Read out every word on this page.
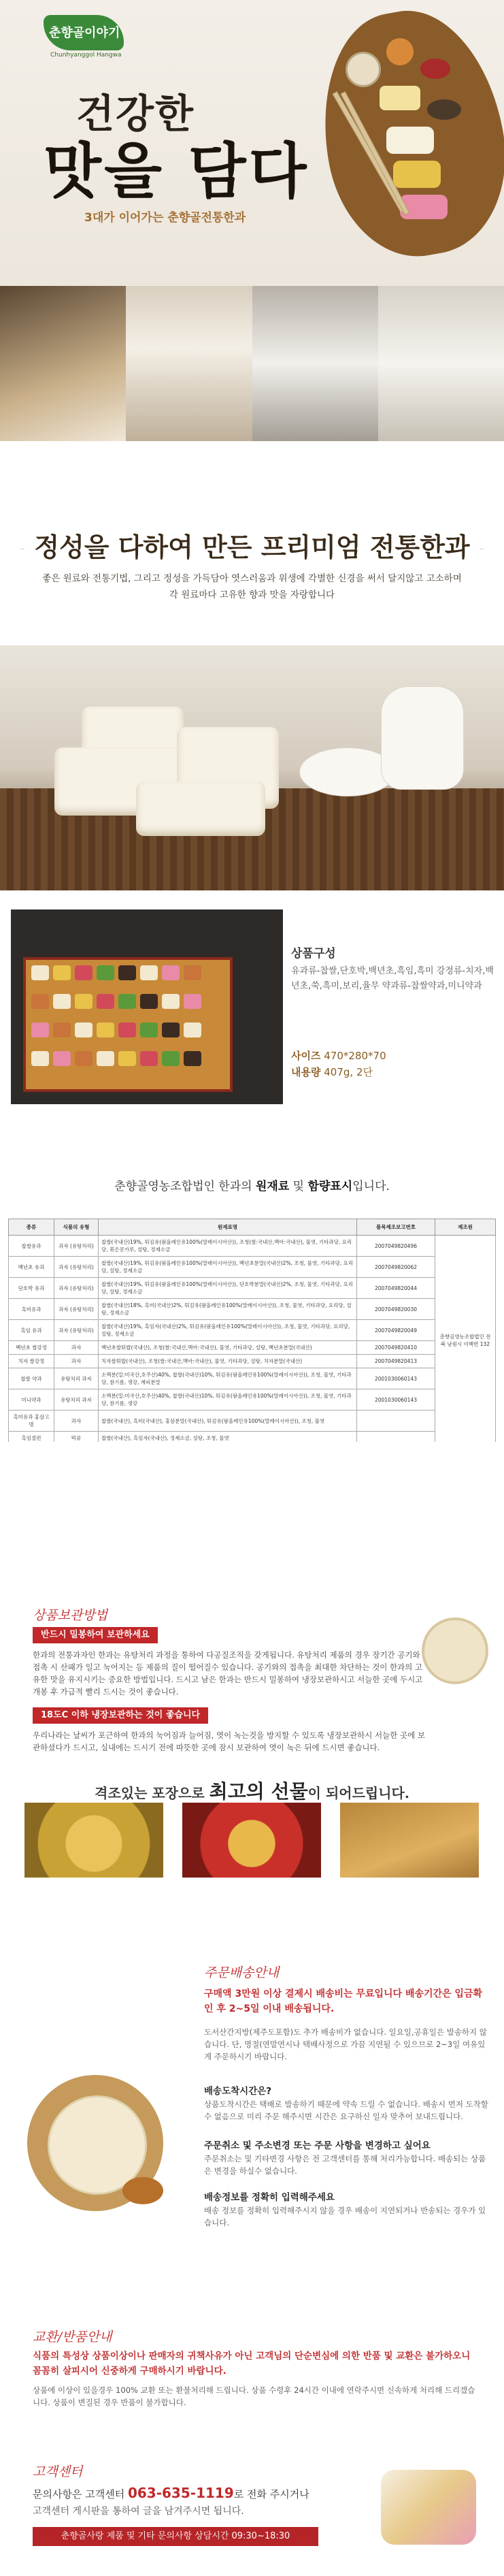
춘향골이야기
Chunhyanggol Hangwa
건강한
맛을 담다
3대가 이어가는 춘향골전통한과
정성을 다하여 만든 프리미엄 전통한과
좋은 원료와 전통기법, 그리고 정성을 가득담아 엿스러움과 위생에 각별한 신경을 써서 달지않고 고소하며 각 원료마다 고유한 향과 맛을 자랑합니다
상품구성
유과류-찹쌀,단호박,백년초,흑임,흑미 강정류-치자,백년초,쑥,흑미,보리,율무 약과류-찹쌀약과,미니약과
사이즈 470*280*70
내용량 407g, 2단
춘향골영농조합법인 한과의 원재료 및 함량표시입니다.
종류	식품의 유형	원재료명	품목제조보고번호	제조원
찹쌀유과	과자 (유탕처리)	찹쌀(국내산)19%, 튀김유(팜올레인유100%(말레이시아산)), 조청(쌀:국내산,맥아:국내산), 물엿, 기타과당, 요리당, 볶은콩가루, 설탕, 정제소금	2007049820496	춘향골영농조합법인 전북 남원시 이백면 132
백년초 유과	과자 (유탕처리)	찹쌀(국내산)19%, 튀김유(팜올레인유100%(말레이시아산)), 백년초분말(국내산)2%, 조청, 물엿, 기타과당, 요리당, 설탕, 정제소금	2007049820062	
단호박 유과	과자 (유탕처리)	찹쌀(국내산)19%, 튀김유(팜올레인유100%(말레이시아산)), 단호박분말(국내산)2%, 조청, 물엿, 기타과당, 요리당, 설탕, 정제소금	2007049820044	
흑미유과	과자 (유탕처리)	찹쌀(국내산)18%, 흑미(국내산)2%, 튀김유(팜올레인유100%(말레이시아산)), 조청, 물엿, 기타과당, 요리당, 설탕, 정제소금	2007049820030	
흑임 유과	과자 (유탕처리)	찹쌀(국내산)19%, 흑임자(국내산)2%, 튀김유(팜올레인유100%(말레이시아산)), 조청, 물엿, 기타과당, 요리당, 설탕, 정제소금	2007049820049	
백년초 쌀강정	과자	백년초쌀튀밥(국내산), 조청(쌀:국내산,맥아:국내산), 물엿, 기타과당, 설탕, 백년초분말(국내산)	2007049820410	
치자 쌀강정	과자	치자쌀튀밥(국내산), 조청(쌀:국내산,맥아:국내산), 물엿, 기타과당, 설탕, 치자분말(국내산)	2007049820413	
찹쌀 약과	유탕처리 과자	소맥분(밀:미국산,호주산)40%, 찹쌀(국내산)10%, 튀김유(팜올레인유100%(말레이시아산)), 조청, 물엿, 기타과당, 참기름, 생강, 계피분말	2001030060143	
미니약과	유탕처리 과자	소맥분(밀:미국산,호주산)40%, 찹쌀(국내산)10%, 튀김유(팜올레인유100%(말레이시아산)), 조청, 물엿, 기타과당, 참기름, 생강	2001030060143	
흑미유과 홍삼고명	과자	찹쌀(국내산), 흑미(국내산), 홍삼분말(국내산), 튀김유(팜올레인유100%(말레이시아산)), 조청, 물엿		
흑임절편	떡류	찹쌀(국내산), 흑임자(국내산), 정제소금, 설탕, 조청, 물엿		
상품보관방법
반드시 밀봉하여 보관하세요
한과의 전통과자인 한과는 유탕처리 과정을 통하여 다공질조직을 갖게됩니다. 유탕처리 제품의 경우 장기간 공기와 접촉 시 산패가 일고 눅어지는 등 제품의 질이 떨어질수 있습니다. 공기와의 접촉을 최대한 차단하는 것이 한과의 고유한 맛을 유지시키는 중요한 방법입니다. 드시고 남은 한과는 반드시 밀봉하여 냉장보관하시고 서늘한 곳에 두시고 개봉 후 가급적 빨리 드시는 것이 좋습니다.
18도C 이하 냉장보관하는 것이 좋습니다
우리나라는 날씨가 포근하여 한과의 눅어짐과 늘어짐, 엿이 녹는것을 방지할 수 있도록 냉장보관하시 서늘한 곳에 보관하셨다가 드시고, 실내에는 드시기 전에 따뜻한 곳에 잠시 보관하여 엿이 녹은 뒤에 드시면 좋습니다.
격조있는 포장으로 최고의 선물이 되어드립니다.
주문배송안내
구매액 3만원 이상 결제시 배송비는 무료입니다 배송기간은 입금확인 후 2~5일 이내 배송됩니다.
도서산간지방(제주도포함)도 추가 배송비가 없습니다. 일요일,공휴일은 발송하지 않습니다. 단, 명절(연말연시나 택배사정으로 가끔 지연될 수 있으므로 2~3일 여유있게 주문하시기 바랍니다.
배송도착시간은?
상품도착시간은 택배로 발송하기 때문에 약속 드릴 수 없습니다. 배송시 먼저 도착할 수 없음으로 미리 주문 해주시면 시간은 요구하신 일자 맞추어 보내드립니다.
주문취소 및 주소변경 또는 주문 사항을 변경하고 싶어요
주문취소는 및 기타변경 사항은 전 고객센터를 통해 처리가능합니다. 배송되는 상품은 변경을 하실수 없습니다.
배송정보를 정확히 입력해주세요
배송 정보를 정확히 입력해주시지 않을 경우 배송이 지연되거나 반송되는 경우가 있습니다.
교환/반품안내
식품의 특성상 상품이상이나 판매자의 귀책사유가 아닌 고객님의 단순변심에 의한 반품 및 교환은 불가하오니 꼼꼼히 살피시어 신중하게 구매하시기 바랍니다.
상품에 이상이 있을경우 100% 교환 또는 환불처리해 드립니다. 상품 수령후 24시간 이내에 연락주시면 신속하게 처리해 드리겠습니다. 상품이 변질된 경우 반품이 불가합니다.
고객센터
문의사항은 고객센터 063-635-1119로 전화 주시거나
고객센터 게시판을 통하여 글을 남겨주시면 됩니다.
춘향골사랑 제품 및 기타 문의사항 상담시간 09:30~18:30
